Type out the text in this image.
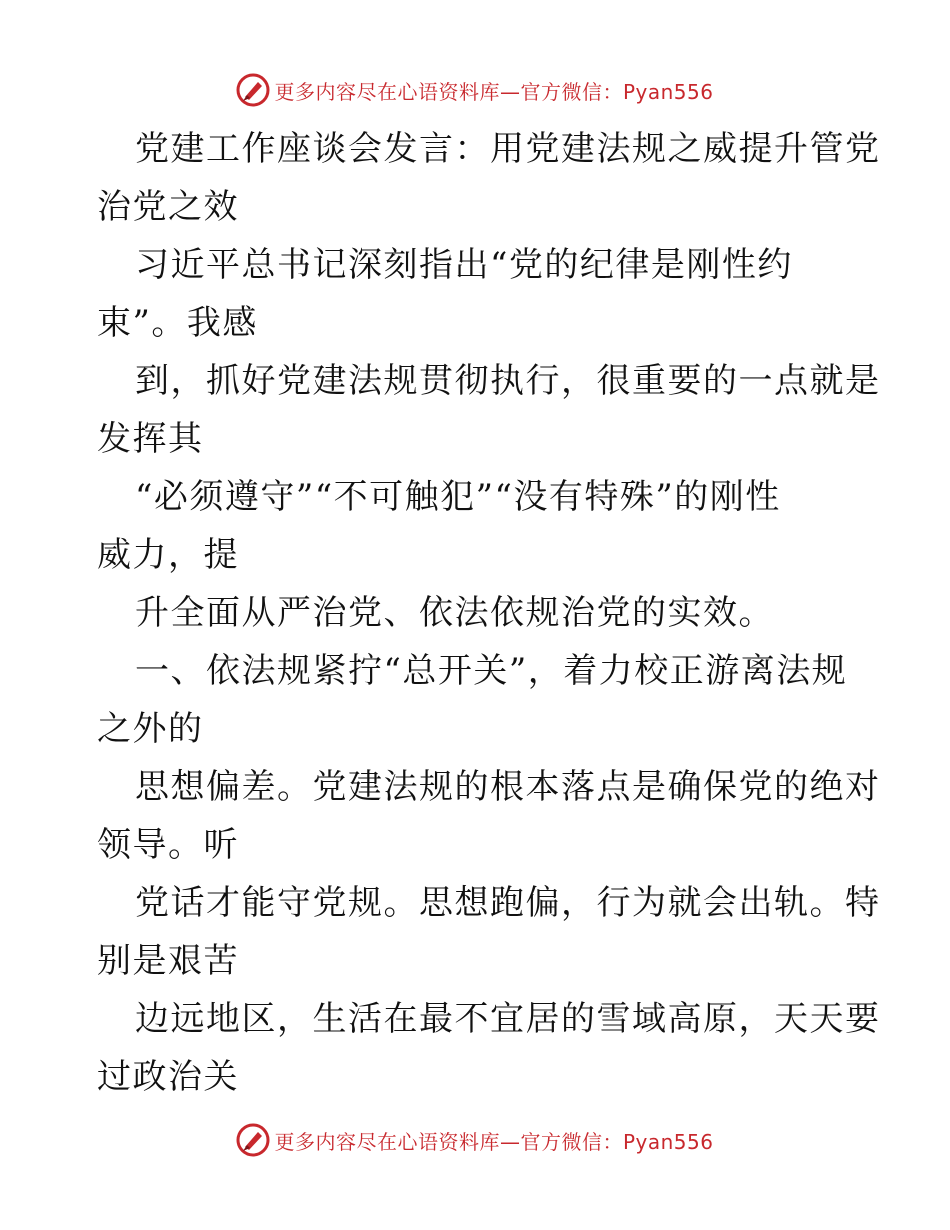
更多内容尽在心语资料库—官方微信：Pyan556
党建工作座谈会发言：用党建法规之威提升管党
治党之效
习近平总书记深刻指出“党的纪律是刚性约
束”。我感
到，抓好党建法规贯彻执行，很重要的一点就是
发挥其
“必须遵守”“不可触犯”“没有特殊”的刚性
威力，提
升全面从严治党、依法依规治党的实效。
一、依法规紧拧“总开关”，着力校正游离法规
之外的
思想偏差。党建法规的根本落点是确保党的绝对
领导。听
党话才能守党规。思想跑偏，行为就会出轨。特
别是艰苦
边远地区，生活在最不宜居的雪域高原，天天要
过政治关
更多内容尽在心语资料库—官方微信：Pyan556
